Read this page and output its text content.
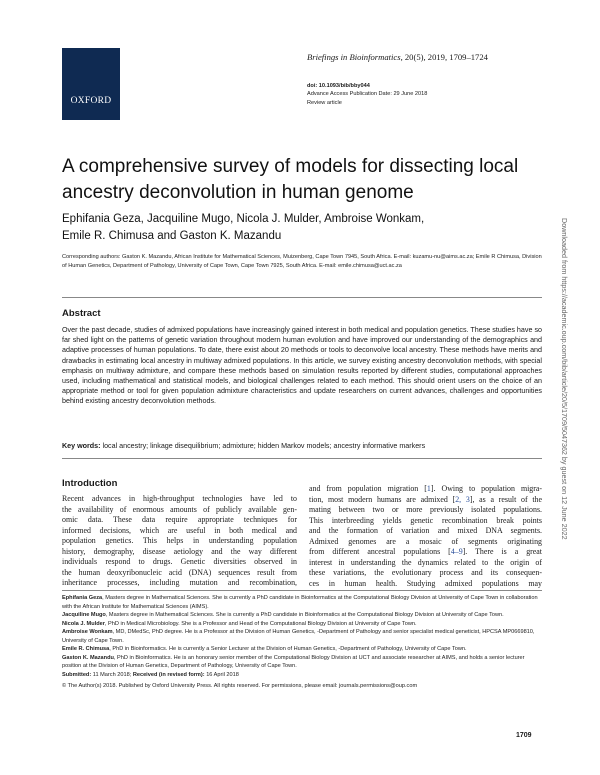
OXFORD
Briefings in Bioinformatics, 20(5), 2019, 1709–1724
doi: 10.1093/bib/bby044
Advance Access Publication Date: 29 June 2018
Review article
A comprehensive survey of models for dissecting local ancestry deconvolution in human genome
Ephifania Geza, Jacquiline Mugo, Nicola J. Mulder, Ambroise Wonkam,
Emile R. Chimusa and Gaston K. Mazandu
Corresponding authors: Gaston K. Mazandu, African Institute for Mathematical Sciences, Muizenberg, Cape Town 7945, South Africa. E-mail: kuzamu-nu@aims.ac.za; Emile R Chimusa, Division of Human Genetics, Department of Pathology, University of Cape Town, Cape Town 7925, South Africa. E-mail: emile.chimusa@uct.ac.za
Abstract
Over the past decade, studies of admixed populations have increasingly gained interest in both medical and population genetics. These studies have so far shed light on the patterns of genetic variation throughout modern human evolution and have improved our understanding of the demographics and adaptive processes of human populations. To date, there exist about 20 methods or tools to deconvolve local ancestry. These methods have merits and drawbacks in estimating local ancestry in multiway admixed populations. In this article, we survey existing ancestry deconvolution methods, with special emphasis on multiway admixture, and compare these methods based on simulation results reported by different studies, computational approaches used, including mathematical and statistical models, and biological challenges related to each method. This should orient users on the choice of an appropriate method or tool for given population admixture characteristics and update researchers on current advances, challenges and opportunities behind existing ancestry deconvolution methods.
Key words: local ancestry; linkage disequilibrium; admixture; hidden Markov models; ancestry informative markers
Introduction
Recent advances in high-throughput technologies have led to
the availability of enormous amounts of publicly available gen-
omic data. These data require appropriate techniques for
informed decisions, which are useful in both medical and
population genetics. This helps in understanding population
history, demography, disease aetiology and the way different
individuals respond to drugs. Genetic diversities observed in
the human deoxyribonucleic acid (DNA) sequences result from
inheritance processes, including mutation and recombination,
and from population migration [1]. Owing to population migra-
tion, most modern humans are admixed [2, 3], as a result of the
mating between two or more previously isolated populations.
This interbreeding yields genetic recombination break points
and the formation of variation and mixed DNA segments.
Admixed genomes are a mosaic of segments originating
from different ancestral populations [4–9]. There is a great
interest in understanding the dynamics related to the origin of
these variations, the evolutionary process and its consequen-
ces in human health. Studying admixed populations may
Ephifania Geza, Masters degree in Mathematical Sciences. She is currently a PhD candidate in Bioinformatics at the Computational Biology Division at University of Cape Town in collaboration with the African Institute for Mathematical Sciences (AIMS).
Jacquiline Mugo, Masters degree in Mathematical Sciences. She is currently a PhD candidate in Bioinformatics at the Computational Biology Division at University of Cape Town.
Nicola J. Mulder, PhD in Medical Microbiology. She is a Professor and Head of the Computational Biology Division at University of Cape Town.
Ambroise Wonkam, MD, DMedSc, PhD degree. He is a Professor at the Division of Human Genetics, -Department of Pathology and senior specialist medical geneticist, HPCSA MP0669810, University of Cape Town.
Emile R. Chimusa, PhD in Bioinformatics. He is currently a Senior Lecturer at the Division of Human Genetics, -Department of Pathology, University of Cape Town.
Gaston K. Mazandu, PhD in Bioinformatics. He is an honorary senior member of the Computational Biology Division at UCT and associate researcher at AIMS, and holds a senior lecturer position at the Division of Human Genetics, Department of Pathology, University of Cape Town.
Submitted: 11 March 2018; Received (in revised form): 16 April 2018
© The Author(s) 2018. Published by Oxford University Press. All rights reserved. For permissions, please email: journals.permissions@oup.com
1709
Downloaded from https://academic.oup.com/bib/article/20/5/1709/5047362 by guest on 12 June 2022
